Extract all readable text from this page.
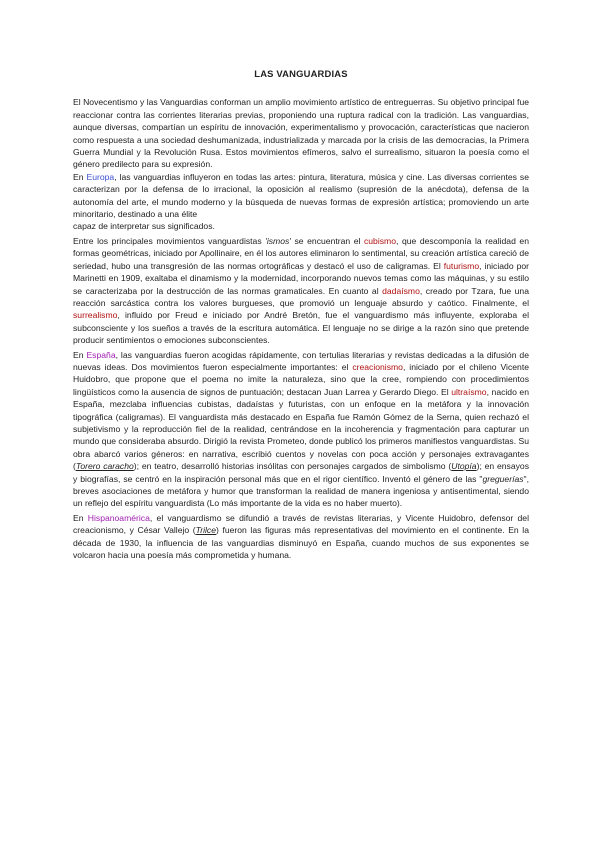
LAS VANGUARDIAS

El Novecentismo y las Vanguardias conforman un amplio movimiento artístico de entreguerras. Su objetivo principal fue reaccionar contra las corrientes literarias previas, proponiendo una ruptura radical con la tradición. Las vanguardias, aunque diversas, compartían un espíritu de innovación, experimentalismo y provocación, características que nacieron como respuesta a una sociedad deshumanizada, industrializada y marcada por la crisis de las democracias, la Primera Guerra Mundial y la Revolución Rusa. Estos movimientos efímeros, salvo el surrealismo, situaron la poesía como el género predilecto para su expresión.

En Europa, las vanguardias influyeron en todas las artes: pintura, literatura, música y cine. Las diversas corrientes se caracterizan por la defensa de lo irracional, la oposición al realismo (supresión de la anécdota), defensa de la autonomía del arte, el mundo moderno y la búsqueda de nuevas formas de expresión artística; promoviendo un arte minoritario, destinado a una élite

capaz de interpretar sus significados.

Entre los principales movimientos vanguardistas 'ismos' se encuentran el cubismo, que descomponía la realidad en formas geométricas, iniciado por Apollinaire, en él los autores eliminaron lo sentimental, su creación artística careció de seriedad, hubo una transgresión de las normas ortográficas y destacó el uso de caligramas. El futurismo, iniciado por Marinetti en 1909, exaltaba el dinamismo y la modernidad, incorporando nuevos temas como las máquinas, y su estilo se caracterizaba por la destrucción de las normas gramaticales. En cuanto al dadaísmo, creado por Tzara, fue una reacción sarcástica contra los valores burgueses, que promovió un lenguaje absurdo y caótico. Finalmente, el surrealismo, influido por Freud e iniciado por André Bretón, fue el vanguardismo más influyente, exploraba el subconsciente y los sueños a través de la escritura automática. El lenguaje no se dirige a la razón sino que pretende producir sentimientos o emociones subconscientes.

En España, las vanguardias fueron acogidas rápidamente, con tertulias literarias y revistas dedicadas a la difusión de nuevas ideas. Dos movimientos fueron especialmente importantes: el creacionismo, iniciado por el chileno Vicente Huidobro, que propone que el poema no imite la naturaleza, sino que la cree, rompiendo con procedimientos lingüísticos como la ausencia de signos de puntuación; destacan Juan Larrea y Gerardo Diego. El ultraísmo, nacido en España, mezclaba influencias cubistas, dadaístas y futuristas, con un enfoque en la metáfora y la innovación tipográfica (caligramas). El vanguardista más destacado en España fue Ramón Gómez de la Serna, quien rechazó el subjetivismo y la reproducción fiel de la realidad, centrándose en la incoherencia y fragmentación para capturar un mundo que consideraba absurdo. Dirigió la revista Prometeo, donde publicó los primeros manifiestos vanguardistas. Su obra abarcó varios géneros: en narrativa, escribió cuentos y novelas con poca acción y personajes extravagantes (Torero caracho); en teatro, desarrolló historias insólitas con personajes cargados de simbolismo (Utopía); en ensayos y biografías, se centró en la inspiración personal más que en el rigor científico. Inventó el género de las "greguerías", breves asociaciones de metáfora y humor que transforman la realidad de manera ingeniosa y antisentimental, siendo un reflejo del espíritu vanguardista (Lo más importante de la vida es no haber muerto).

En Hispanoamérica, el vanguardismo se difundió a través de revistas literarias, y Vicente Huidobro, defensor del creacionismo, y César Vallejo (Trilce) fueron las figuras más representativas del movimiento en el continente. En la década de 1930, la influencia de las vanguardias disminuyó en España, cuando muchos de sus exponentes se volcaron hacia una poesía más comprometida y humana.
